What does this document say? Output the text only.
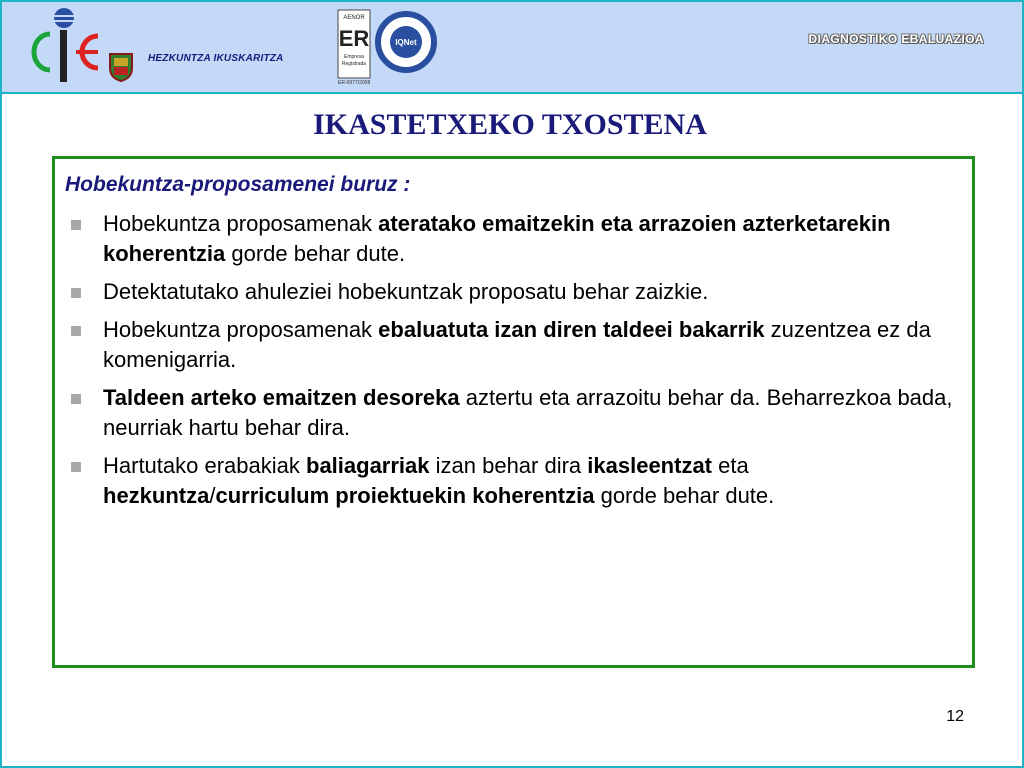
HEZKUNTZA IKUSKARITZA
AENOR
ER
Empresa
Registrada
IQNet
ER-0977/2008
DIAGNOSTIKO EBALUAZIOA
IKASTETXEKO TXOSTENA
Hobekuntza-proposamenei buruz :
Hobekuntza proposamenak ateratako emaitzekin eta arrazoien azterketarekin koherentzia gorde behar dute.
Detektatutako ahuleziei hobekuntzak proposatu behar zaizkie.
Hobekuntza proposamenak ebaluatuta izan diren taldeei bakarrik zuzentzea ez da komenigarria.
Taldeen arteko emaitzen desoreka aztertu eta arrazoitu behar da. Beharrezkoa bada, neurriak hartu behar dira.
Hartutako erabakiak baliagarriak izan behar dira ikasleentzat eta hezkuntza/curriculum proiektuekin koherentzia gorde behar dute.
12
